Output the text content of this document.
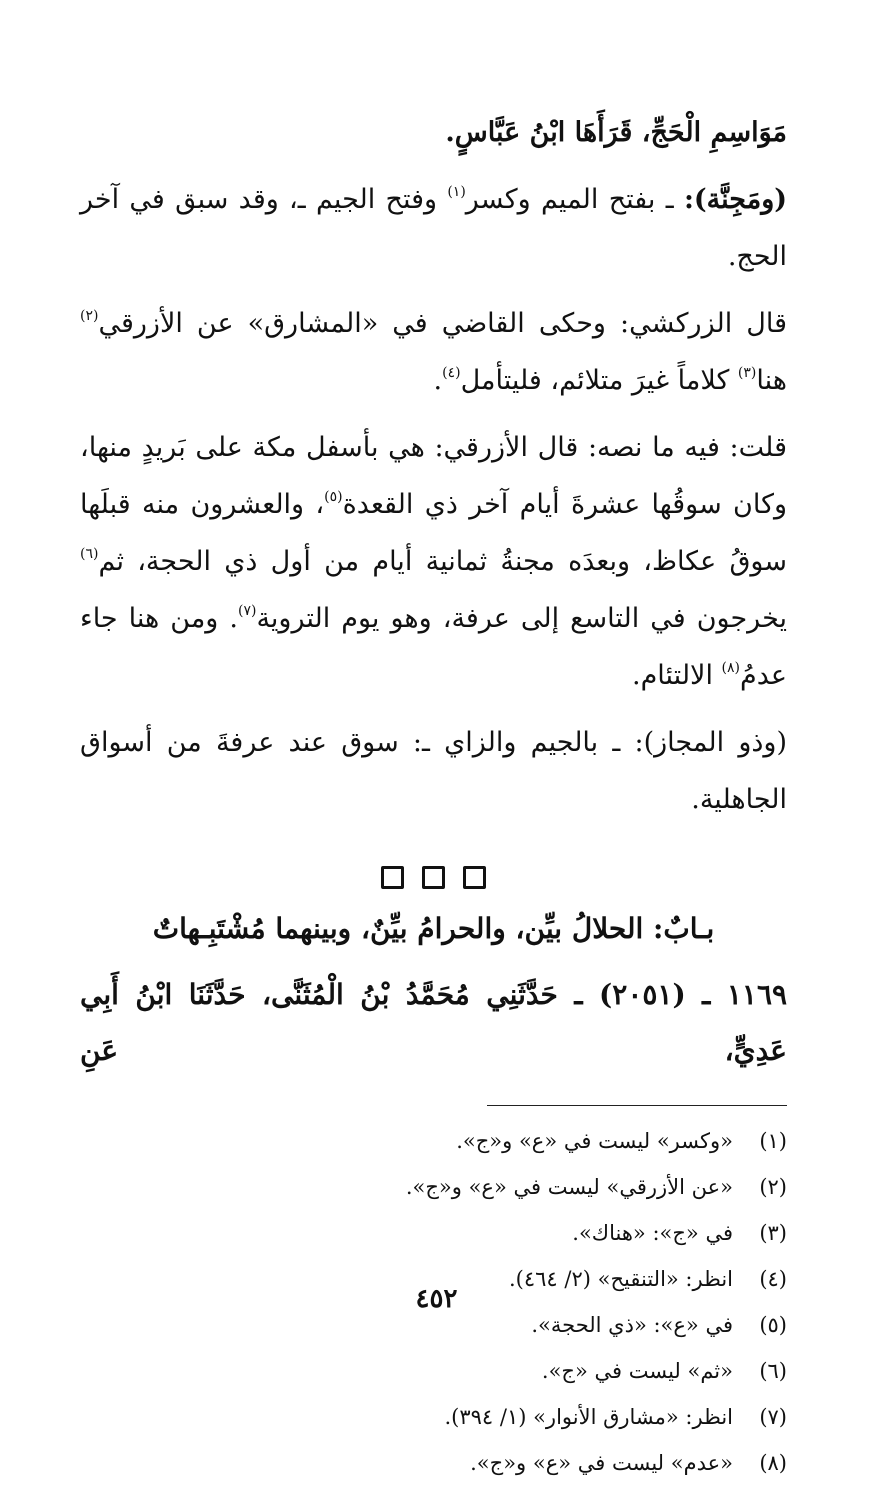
مَوَاسِمِ الْحَجِّ، قَرَأَهَا ابْنُ عَبَّاسٍ.

(ومَجِنَّة): ـ بفتح الميم وكسر$^{(١)}$ وفتح الجيم ـ، وقد سبق في آخر الحج.

قال الزركشي: وحكى القاضي في «المشارق» عن الأزرقي$^{(٢)}$ هنا$^{(٣)}$ كلاماً غيرَ متلائم، فليتأمل$^{(٤)}$.

قلت: فيه ما نصه: قال الأزرقي: هي بأسفل مكة على بَريدٍ منها، وكان سوقُها عشرةَ أيام آخر ذي القعدة$^{(٥)}$، والعشرون منه قبلَها سوقُ عكاظ، وبعدَه مجنةُ ثمانية أيام من أول ذي الحجة، ثم$^{(٦)}$ يخرجون في التاسع إلى عرفة، وهو يوم التروية$^{(٧)}$. ومن هنا جاء عدمُ$^{(٨)}$ الالتئام.

(وذو المجاز): ـ بالجيم والزاي ـ: سوق عند عرفةَ من أسواق الجاهلية.

بـابٌ: الحلالُ بيِّن، والحرامُ بيِّنٌ، وبينهما مُشْتَبِـهاتٌ

١١٦٩ ـ (٢٠٥١) ـ حَدَّثَنِي مُحَمَّدُ بْنُ الْمُثَنَّى، حَدَّثَنَا ابْنُ أَبِي عَدِيٍّ، عَنِ

(١)
«وكسر» ليست في «ع» و«ج».
(٢)
«عن الأزرقي» ليست في «ع» و«ج».
(٣)
في «ج»: «هناك».
(٤)
انظر: «التنقيح» (٢/ ٤٦٤).
(٥)
في «ع»: «ذي الحجة».
(٦)
«ثم» ليست في «ج».
(٧)
انظر: «مشارق الأنوار» (١/ ٣٩٤).
(٨)
«عدم» ليست في «ع» و«ج».
٤٥٢
